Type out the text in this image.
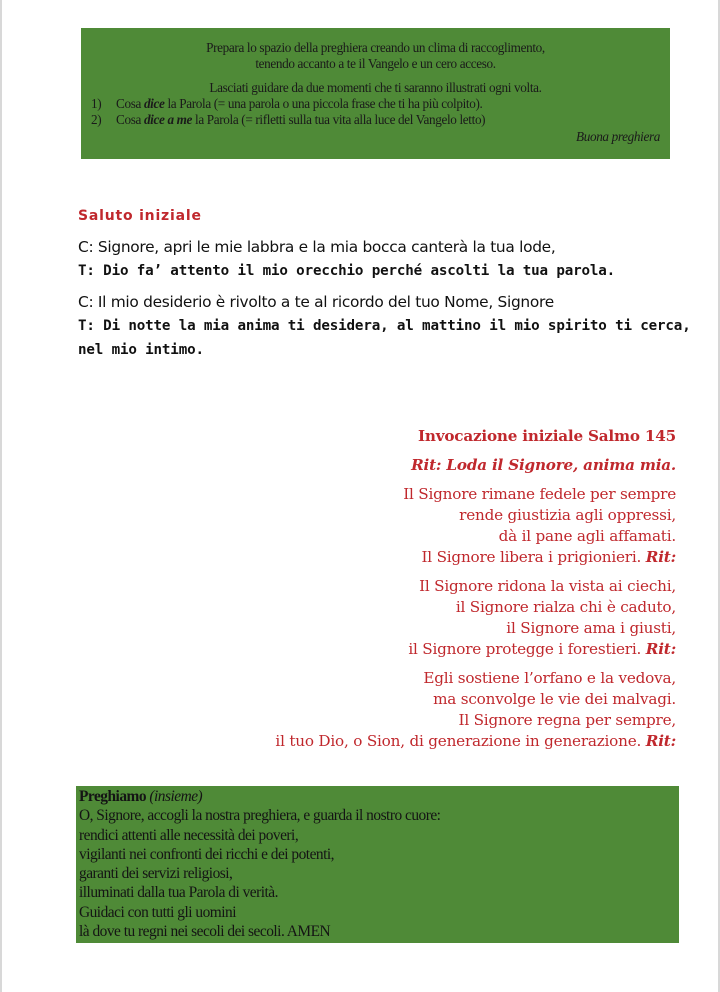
Prepara lo spazio della preghiera creando un clima di raccoglimento,
tenendo accanto a te il Vangelo e un cero acceso.
Lasciati guidare da due momenti che ti saranno illustrati ogni volta.
1) Cosa dice la Parola (= una parola o una piccola frase che ti ha più colpito).
2) Cosa dice a me la Parola (= rifletti sulla tua vita alla luce del Vangelo letto)
Buona preghiera
Saluto iniziale
C: Signore, apri le mie labbra e la mia bocca canterà la tua lode,
T: Dio fa’ attento il mio orecchio perché ascolti la tua parola.
C: Il mio desiderio è rivolto a te al ricordo del tuo Nome, Signore
T: Di notte la mia anima ti desidera, al mattino il mio spirito ti cerca,
nel mio intimo.
Invocazione iniziale Salmo 145
Rit: Loda il Signore, anima mia.
Il Signore rimane fedele per sempre
rende giustizia agli oppressi,
dà il pane agli affamati.
Il Signore libera i prigionieri. Rit:
Il Signore ridona la vista ai ciechi,
il Signore rialza chi è caduto,
il Signore ama i giusti,
il Signore protegge i forestieri. Rit:
Egli sostiene l’orfano e la vedova,
ma sconvolge le vie dei malvagi.
Il Signore regna per sempre,
il tuo Dio, o Sion, di generazione in generazione. Rit:
Preghiamo (insieme)
O, Signore, accogli la nostra preghiera, e guarda il nostro cuore:
rendici attenti alle necessità dei poveri,
vigilanti nei confronti dei ricchi e dei potenti,
garanti dei servizi religiosi,
illuminati dalla tua Parola di verità.
Guidaci con tutti gli uomini
là dove tu regni nei secoli dei secoli. AMEN
